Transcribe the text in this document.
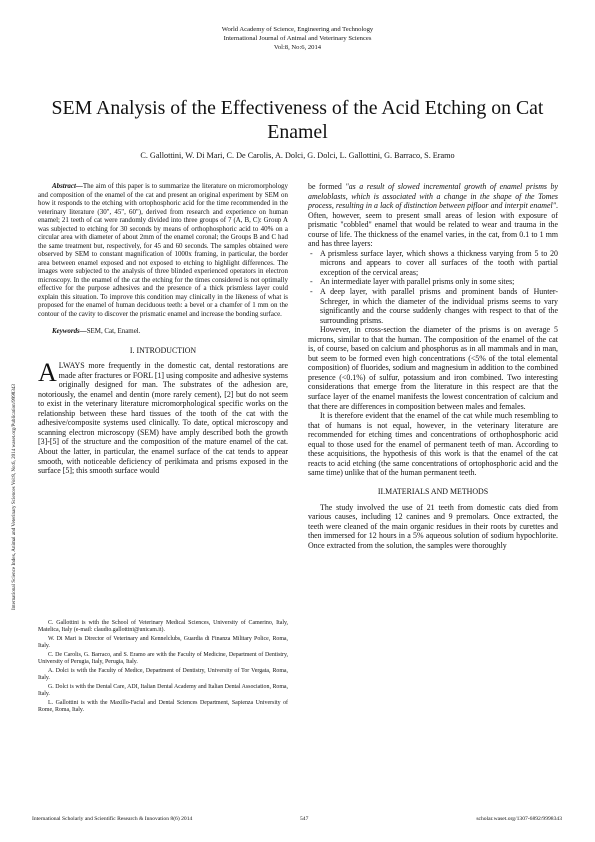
World Academy of Science, Engineering and Technology
International Journal of Animal and Veterinary Sciences
Vol:8, No:6, 2014
SEM Analysis of the Effectiveness of the Acid Etching on Cat Enamel
C. Gallottini, W. Di Mari, C. De Carolis, A. Dolci, G. Dolci, L. Gallottini, G. Barraco, S. Eramo
International Science Index, Animal and Veterinary Sciences Vol:8, No:6, 2014 waset.org/Publication/9998343

Abstract—The aim of this paper is to summarize the literature on micromorphology and composition of the enamel of the cat and present an original experiment by SEM on how it responds to the etching with ortophosphoric acid for the time recommended in the veterinary literature (30", 45", 60"), derived from research and experience on human enamel; 21 teeth of cat were randomly divided into three groups of 7 (A, B, C): Group A was subjected to etching for 30 seconds by means of orthophosphoric acid to 40% on a circular area with diameter of about 2mm of the enamel coronal; the Groups B and C had the same treatment but, respectively, for 45 and 60 seconds. The samples obtained were observed by SEM to constant magnification of 1000x framing, in particular, the border area between enamel exposed and not exposed to etching to highlight differences. The images were subjected to the analysis of three blinded experienced operators in electron microscopy. In the enamel of the cat the etching for the times considered is not optimally effective for the purpose adhesives and the presence of a thick prismless layer could explain this situation. To improve this condition may clinically in the likeness of what is proposed for the enamel of human deciduous teeth: a bevel or a chamfer of 1 mm on the contour of the cavity to discover the prismatic enamel and increase the bonding surface.

Keywords—SEM, Cat, Enamel.

I. INTRODUCTION

ALWAYS more frequently in the domestic cat, dental restorations are made after fractures or FORL [1] using composite and adhesive systems originally designed for man. The substrates of the adhesion are, notoriously, the enamel and dentin (more rarely cement), [2] but do not seem to exist in the veterinary literature micromorphological specific works on the relationship between these hard tissues of the tooth of the cat with the adhesive/composite systems used clinically. To date, optical microscopy and scanning electron microscopy (SEM) have amply described both the growth [3]-[5] of the structure and the composition of the mature enamel of the cat. About the latter, in particular, the enamel surface of the cat tends to appear smooth, with noticeable deficiency of perikimata and prisms exposed in the surface [5]; this smooth surface would

C. Gallottini is with the School of Veterinary Medical Sciences, University of Camerino, Italy, Matelica, Italy (e-mail: claudio.gallottini@unicam.it).

W. Di Mari is Director of Veterinary and Kennelclubs, Guardia di Finanza Military Police, Roma, Italy.

C. De Carolis, G. Barraco, and S. Eramo are with the Faculty of Medicine, Department of Dentistry, University of Perugia, Italy, Perugia, Italy.

A. Dolci is with the Faculty of Medice, Department of Dentistry, University of Tor Vergata, Roma, Italy.

G. Dolci is with the Dental Care, ADI, Italian Dental Academy and Italian Dental Association, Roma, Italy.

L. Gallottini is with the Maxillo-Facial and Dental Sciences Department, Sapienza University of Rome, Roma, Italy.

be formed "as a result of slowed incremental growth of enamel prisms by ameloblasts, which is associated with a change in the shape of the Tomes process, resulting in a lack of distinction between pifloor and interpit enamel". Often, however, seem to present small areas of lesion with exposure of prismatic "cobbled" enamel that would be related to wear and trauma in the course of life. The thickness of the enamel varies, in the cat, from 0.1 to 1 mm and has three layers:

- A prismless surface layer, which shows a thickness varying from 5 to 20 microns and appears to cover all surfaces of the tooth with partial exception of the cervical areas;

- An intermediate layer with parallel prisms only in some sites;

- A deep layer, with parallel prisms and prominent bands of Hunter-Schreger, in which the diameter of the individual prisms seems to vary significantly and the course suddenly changes with respect to that of the surrounding prisms.

However, in cross-section the diameter of the prisms is on average 5 microns, similar to that the human. The composition of the enamel of the cat is, of course, based on calcium and phosphorus as in all mammals and in man, but seem to be formed even high concentrations (<5% of the total elemental composition) of fluorides, sodium and magnesium in addition to the combined presence (<0.1%) of sulfur, potassium and iron combined. Two interesting considerations that emerge from the literature in this respect are that the surface layer of the enamel manifests the lowest concentration of calcium and that there are differences in composition between males and females.

It is therefore evident that the enamel of the cat while much resembling to that of humans is not equal, however, in the veterinary literature are recommended for etching times and concentrations of orthophosphoric acid equal to those used for the enamel of permanent teeth of man. According to these acquisitions, the hypothesis of this work is that the enamel of the cat reacts to acid etching (the same concentrations of ortophosphoric acid and the same time) unlike that of the human permanent teeth.

II.MATERIALS AND METHODS

The study involved the use of 21 teeth from domestic cats died from various causes, including 12 canines and 9 premolars. Once extracted, the teeth were cleaned of the main organic residues in their roots by curettes and then immersed for 12 hours in a 5% aqueous solution of sodium hypochlorite. Once extracted from the solution, the samples were thoroughly

International Scholarly and Scientific Research & Innovation 8(6) 2014	547	scholar.waset.org/1307-6892/9998343
